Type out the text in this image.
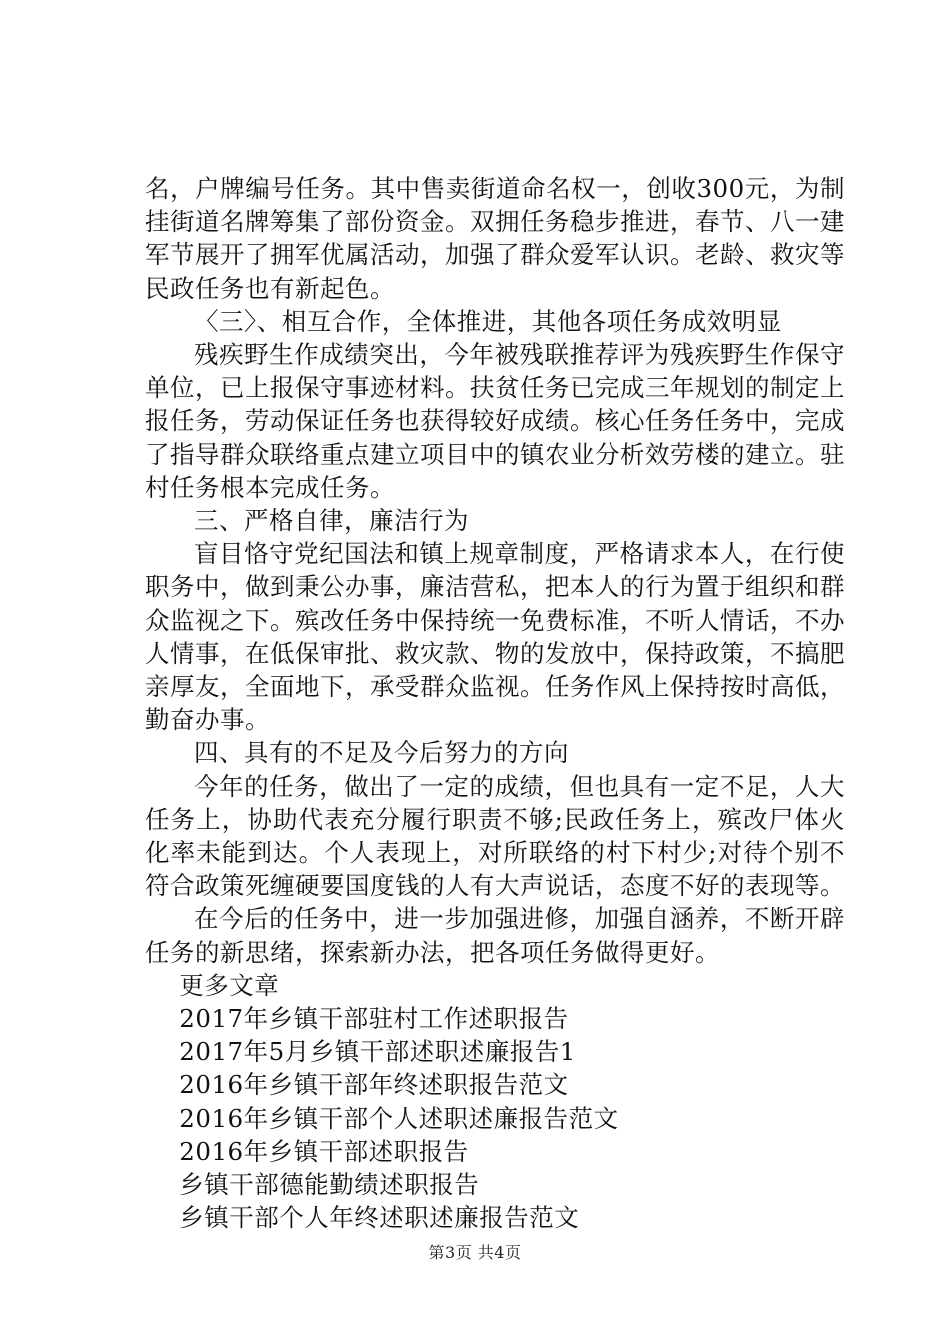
名，户牌编号任务。其中售卖街道命名权一，创收300元，为制挂街道名牌筹集了部份资金。双拥任务稳步推进，春节、八一建军节展开了拥军优属活动，加强了群众爱军认识。老龄、救灾等民政任务也有新起色。

〈三〉、相互合作，全体推进，其他各项任务成效明显

残疾野生作成绩突出，今年被残联推荐评为残疾野生作保守单位，已上报保守事迹材料。扶贫任务已完成三年规划的制定上报任务，劳动保证任务也获得较好成绩。核心任务任务中，完成了指导群众联络重点建立项目中的镇农业分析效劳楼的建立。驻村任务根本完成任务。

三、严格自律，廉洁行为

盲目恪守党纪国法和镇上规章制度，严格请求本人，在行使职务中，做到秉公办事，廉洁营私，把本人的行为置于组织和群众监视之下。殡改任务中保持统一免费标准，不听人情话，不办人情事，在低保审批、救灾款、物的发放中，保持政策，不搞肥亲厚友，全面地下，承受群众监视。任务作风上保持按时高低，勤奋办事。

四、具有的不足及今后努力的方向

今年的任务，做出了一定的成绩，但也具有一定不足，人大任务上，协助代表充分履行职责不够;民政任务上，殡改尸体火化率未能到达。个人表现上，对所联络的村下村少;对待个别不符合政策死缠硬要国度钱的人有大声说话，态度不好的表现等。

在今后的任务中，进一步加强进修，加强自涵养，不断开辟任务的新思绪，探索新办法，把各项任务做得更好。

更多文章

2017年乡镇干部驻村工作述职报告
2017年5月乡镇干部述职述廉报告1
2016年乡镇干部年终述职报告范文
2016年乡镇干部个人述职述廉报告范文
2016年乡镇干部述职报告
乡镇干部德能勤绩述职报告
乡镇干部个人年终述职述廉报告范文
第3页 共4页
